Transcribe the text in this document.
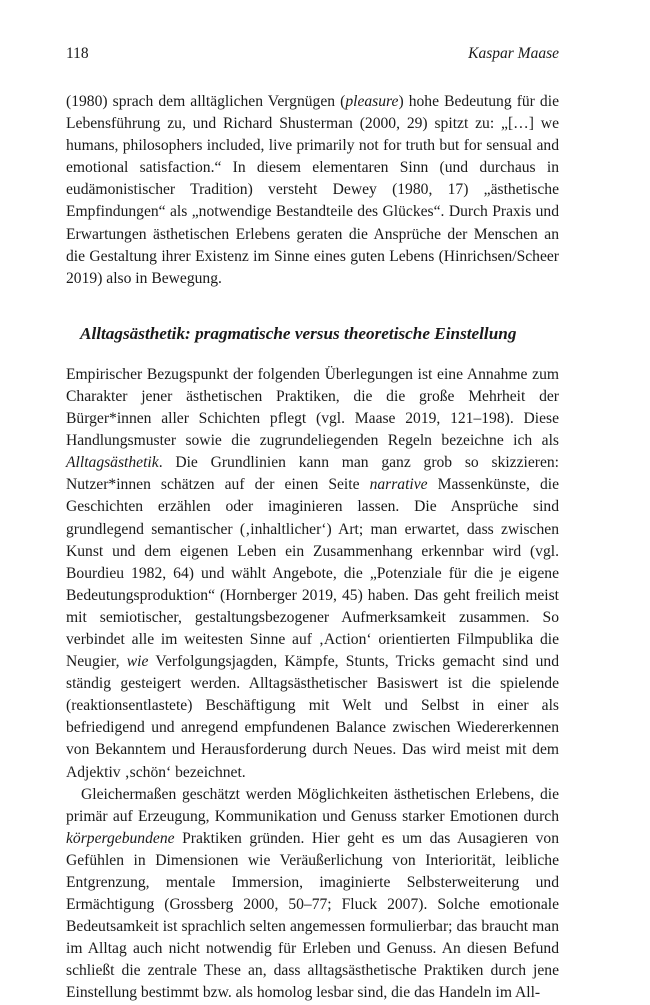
118	Kaspar Maase

(1980) sprach dem alltäglichen Vergnügen (pleasure) hohe Bedeutung für die Lebensführung zu, und Richard Shusterman (2000, 29) spitzt zu: „[…] we humans, philosophers included, live primarily not for truth but for sensual and emotional satisfaction.“ In diesem elementaren Sinn (und durchaus in eudämonistischer Tradition) versteht Dewey (1980, 17) „ästhetische Empfindungen“ als „notwendige Bestandteile des Glückes“. Durch Praxis und Erwartungen ästhetischen Erlebens geraten die Ansprüche der Menschen an die Gestaltung ihrer Existenz im Sinne eines guten Lebens (Hinrichsen/Scheer 2019) also in Bewegung.

Alltagsästhetik: pragmatische versus theoretische Einstellung

Empirischer Bezugspunkt der folgenden Überlegungen ist eine Annahme zum Charakter jener ästhetischen Praktiken, die die große Mehrheit der Bürger*innen aller Schichten pflegt (vgl. Maase 2019, 121–198). Diese Handlungsmuster sowie die zugrundeliegenden Regeln bezeichne ich als Alltagsästhetik. Die Grundlinien kann man ganz grob so skizzieren: Nutzer*innen schätzen auf der einen Seite narrative Massenkünste, die Geschichten erzählen oder imaginieren lassen. Die Ansprüche sind grundlegend semantischer (‚inhaltlicher‘) Art; man erwartet, dass zwischen Kunst und dem eigenen Leben ein Zusammenhang erkennbar wird (vgl. Bourdieu 1982, 64) und wählt Angebote, die „Potenziale für die je eigene Bedeutungsproduktion“ (Hornberger 2019, 45) haben. Das geht freilich meist mit semiotischer, gestaltungsbezogener Aufmerksamkeit zusammen. So verbindet alle im weitesten Sinne auf ‚Action‘ orientierten Filmpublika die Neugier, wie Verfolgungsjagden, Kämpfe, Stunts, Tricks gemacht sind und ständig gesteigert werden. Alltagsästhetischer Basiswert ist die spielende (reaktionsentlastete) Beschäftigung mit Welt und Selbst in einer als befriedigend und anregend empfundenen Balance zwischen Wiedererkennen von Bekanntem und Herausforderung durch Neues. Das wird meist mit dem Adjektiv ‚schön‘ bezeichnet.

Gleichermaßen geschätzt werden Möglichkeiten ästhetischen Erlebens, die primär auf Erzeugung, Kommunikation und Genuss starker Emotionen durch körpergebundene Praktiken gründen. Hier geht es um das Ausagieren von Gefühlen in Dimensionen wie Veräußerlichung von Interiorität, leibliche Entgrenzung, mentale Immersion, imaginierte Selbsterweiterung und Ermächtigung (Grossberg 2000, 50–77; Fluck 2007). Solche emotionale Bedeutsamkeit ist sprachlich selten angemessen formulierbar; das braucht man im Alltag auch nicht notwendig für Erleben und Genuss. An diesen Befund schließt die zentrale These an, dass alltagsästhetische Praktiken durch jene Einstellung bestimmt bzw. als homolog lesbar sind, die das Handeln im All-
